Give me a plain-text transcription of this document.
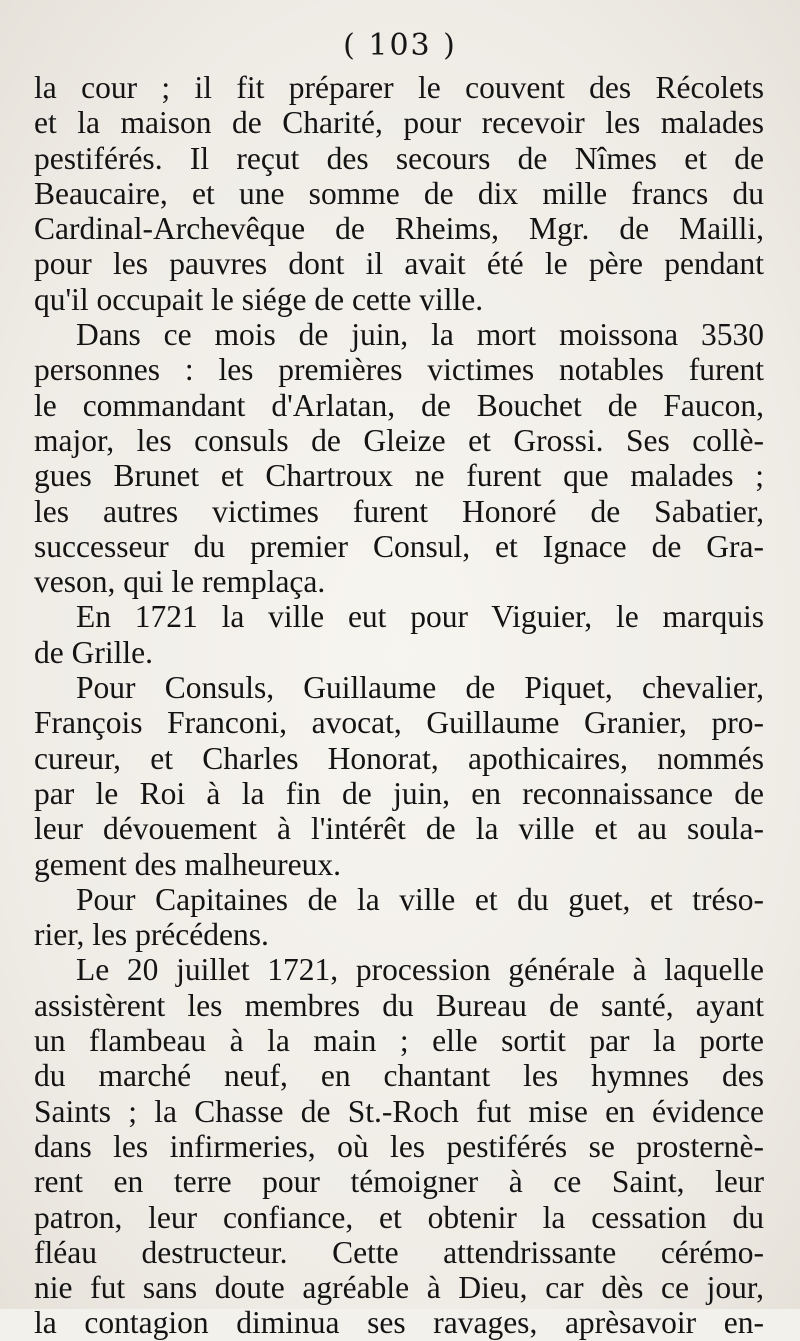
( 103 )
la cour ; il fit préparer le couvent des Récolets
et la maison de Charité, pour recevoir les malades
pestiférés. Il reçut des secours de Nîmes et de
Beaucaire, et une somme de dix mille francs du
Cardinal-Archevêque de Rheims, Mgr. de Mailli,
pour les pauvres dont il avait été le père pendant
qu'il occupait le siége de cette ville.
Dans ce mois de juin, la mort moissona 3530
personnes : les premières victimes notables furent
le commandant d'Arlatan, de Bouchet de Faucon,
major, les consuls de Gleize et Grossi. Ses collè-
gues Brunet et Chartroux ne furent que malades ;
les autres victimes furent Honoré de Sabatier,
successeur du premier Consul, et Ignace de Gra-
veson, qui le remplaça.
En 1721 la ville eut pour Viguier, le marquis
de Grille.
Pour Consuls, Guillaume de Piquet, chevalier,
François Franconi, avocat, Guillaume Granier, pro-
cureur, et Charles Honorat, apothicaires, nommés
par le Roi à la fin de juin, en reconnaissance de
leur dévouement à l'intérêt de la ville et au soula-
gement des malheureux.
Pour Capitaines de la ville et du guet, et tréso-
rier, les précédens.
Le 20 juillet 1721, procession générale à laquelle
assistèrent les membres du Bureau de santé, ayant
un flambeau à la main ; elle sortit par la porte
du marché neuf, en chantant les hymnes des
Saints ; la Chasse de St.-Roch fut mise en évidence
dans les infirmeries, où les pestiférés se prosternè-
rent en terre pour témoigner à ce Saint, leur
patron, leur confiance, et obtenir la cessation du
fléau destructeur. Cette attendrissante cérémo-
nie fut sans doute agréable à Dieu, car dès ce jour,
la contagion diminua ses ravages, aprèsavoir en-
